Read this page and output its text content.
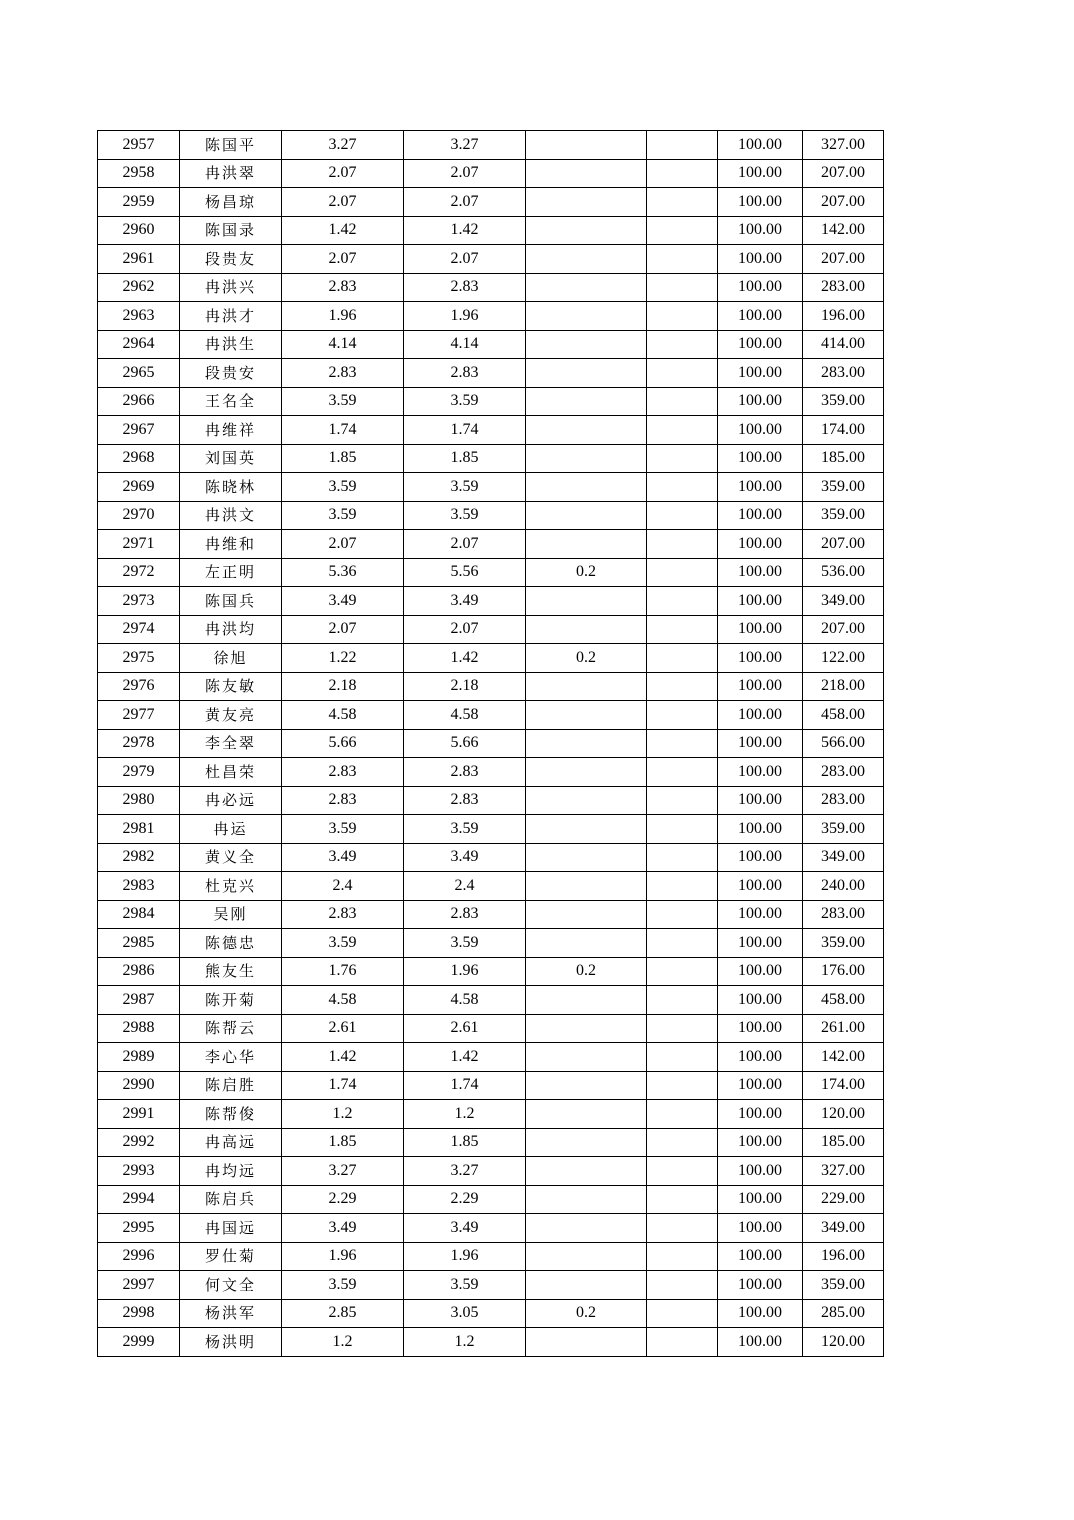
2957	陈国平	3.27	3.27			100.00	327.00
2958	冉洪翠	2.07	2.07			100.00	207.00
2959	杨昌琼	2.07	2.07			100.00	207.00
2960	陈国录	1.42	1.42			100.00	142.00
2961	段贵友	2.07	2.07			100.00	207.00
2962	冉洪兴	2.83	2.83			100.00	283.00
2963	冉洪才	1.96	1.96			100.00	196.00
2964	冉洪生	4.14	4.14			100.00	414.00
2965	段贵安	2.83	2.83			100.00	283.00
2966	王名全	3.59	3.59			100.00	359.00
2967	冉维祥	1.74	1.74			100.00	174.00
2968	刘国英	1.85	1.85			100.00	185.00
2969	陈晓林	3.59	3.59			100.00	359.00
2970	冉洪文	3.59	3.59			100.00	359.00
2971	冉维和	2.07	2.07			100.00	207.00
2972	左正明	5.36	5.56	0.2		100.00	536.00
2973	陈国兵	3.49	3.49			100.00	349.00
2974	冉洪均	2.07	2.07			100.00	207.00
2975	徐旭	1.22	1.42	0.2		100.00	122.00
2976	陈友敏	2.18	2.18			100.00	218.00
2977	黄友亮	4.58	4.58			100.00	458.00
2978	李全翠	5.66	5.66			100.00	566.00
2979	杜昌荣	2.83	2.83			100.00	283.00
2980	冉必远	2.83	2.83			100.00	283.00
2981	冉运	3.59	3.59			100.00	359.00
2982	黄义全	3.49	3.49			100.00	349.00
2983	杜克兴	2.4	2.4			100.00	240.00
2984	吴刚	2.83	2.83			100.00	283.00
2985	陈德忠	3.59	3.59			100.00	359.00
2986	熊友生	1.76	1.96	0.2		100.00	176.00
2987	陈开菊	4.58	4.58			100.00	458.00
2988	陈帮云	2.61	2.61			100.00	261.00
2989	李心华	1.42	1.42			100.00	142.00
2990	陈启胜	1.74	1.74			100.00	174.00
2991	陈帮俊	1.2	1.2			100.00	120.00
2992	冉高远	1.85	1.85			100.00	185.00
2993	冉均远	3.27	3.27			100.00	327.00
2994	陈启兵	2.29	2.29			100.00	229.00
2995	冉国远	3.49	3.49			100.00	349.00
2996	罗仕菊	1.96	1.96			100.00	196.00
2997	何文全	3.59	3.59			100.00	359.00
2998	杨洪军	2.85	3.05	0.2		100.00	285.00
2999	杨洪明	1.2	1.2			100.00	120.00
